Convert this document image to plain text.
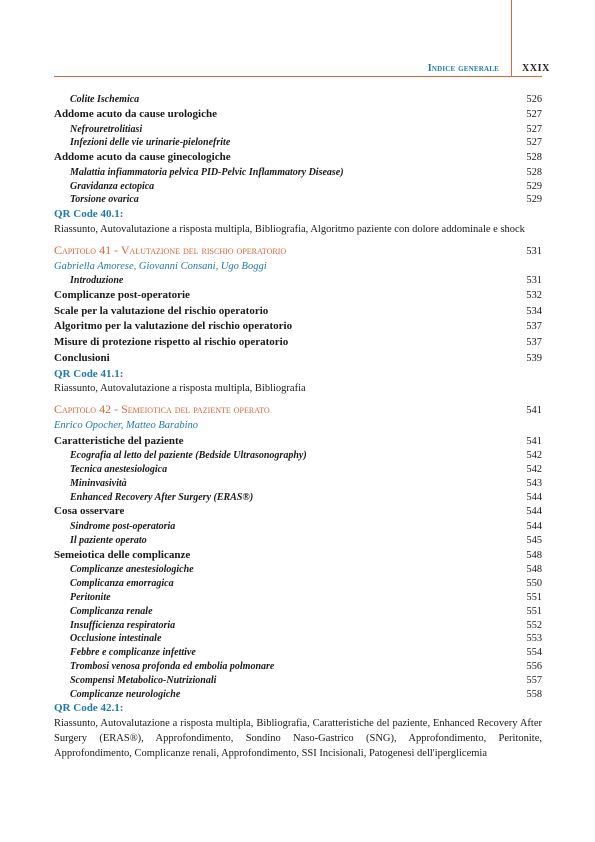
Indice generale XXIX
Colite Ischemica	526
Addome acuto da cause urologiche	527
Nefrouretrolitiasi	527
Infezioni delle vie urinarie-pielonefrite	527
Addome acuto da cause ginecologiche	528
Malattia infiammatoria pelvica PID-Pelvic Inflammatory Disease)	528
Gravidanza ectopica	529
Torsione ovarica	529
QR Code 40.1:
Riassunto, Autovalutazione a risposta multipla, Bibliografia, Algoritmo paziente con dolore addominale e shock
Capitolo 41 - Valutazione del rischio operatorio	531
Gabriella Amorese, Giovanni Consani, Ugo Boggi
Introduzione	531
Complicanze post-operatorie	532
Scale per la valutazione del rischio operatorio	534
Algoritmo per la valutazione del rischio operatorio	537
Misure di protezione rispetto al rischio operatorio	537
Conclusioni	539
QR Code 41.1:
Riassunto, Autovalutazione a risposta multipla, Bibliografia
Capitolo 42 - Semeiotica del paziente operato	541
Enrico Opocher, Matteo Barabino
Caratteristiche del paziente	541
Ecografia al letto del paziente (Bedside Ultrasonography)	542
Tecnica anestesiologica	542
Mininvasività	543
Enhanced Recovery After Surgery (ERAS®)	544
Cosa osservare	544
Sindrome post-operatoria	544
Il paziente operato	545
Semeiotica delle complicanze	548
Complicanze anestesiologiche	548
Complicanza emorragica	550
Peritonite	551
Complicanza renale	551
Insufficienza respiratoria	552
Occlusione intestinale	553
Febbre e complicanze infettive	554
Trombosi venosa profonda ed embolia polmonare	556
Scompensi Metabolico-Nutrizionali	557
Complicanze neurologiche	558
QR Code 42.1:
Riassunto, Autovalutazione a risposta multipla, Bibliografia, Caratteristiche del paziente, Enhanced Recovery After Surgery (ERAS®), Approfondimento, Sondino Naso-Gastrico (SNG), Approfondimento, Peritonite, Approfondimento, Complicanze renali, Approfondimento, SSI Incisionali, Patogenesi dell'iperglicemia
